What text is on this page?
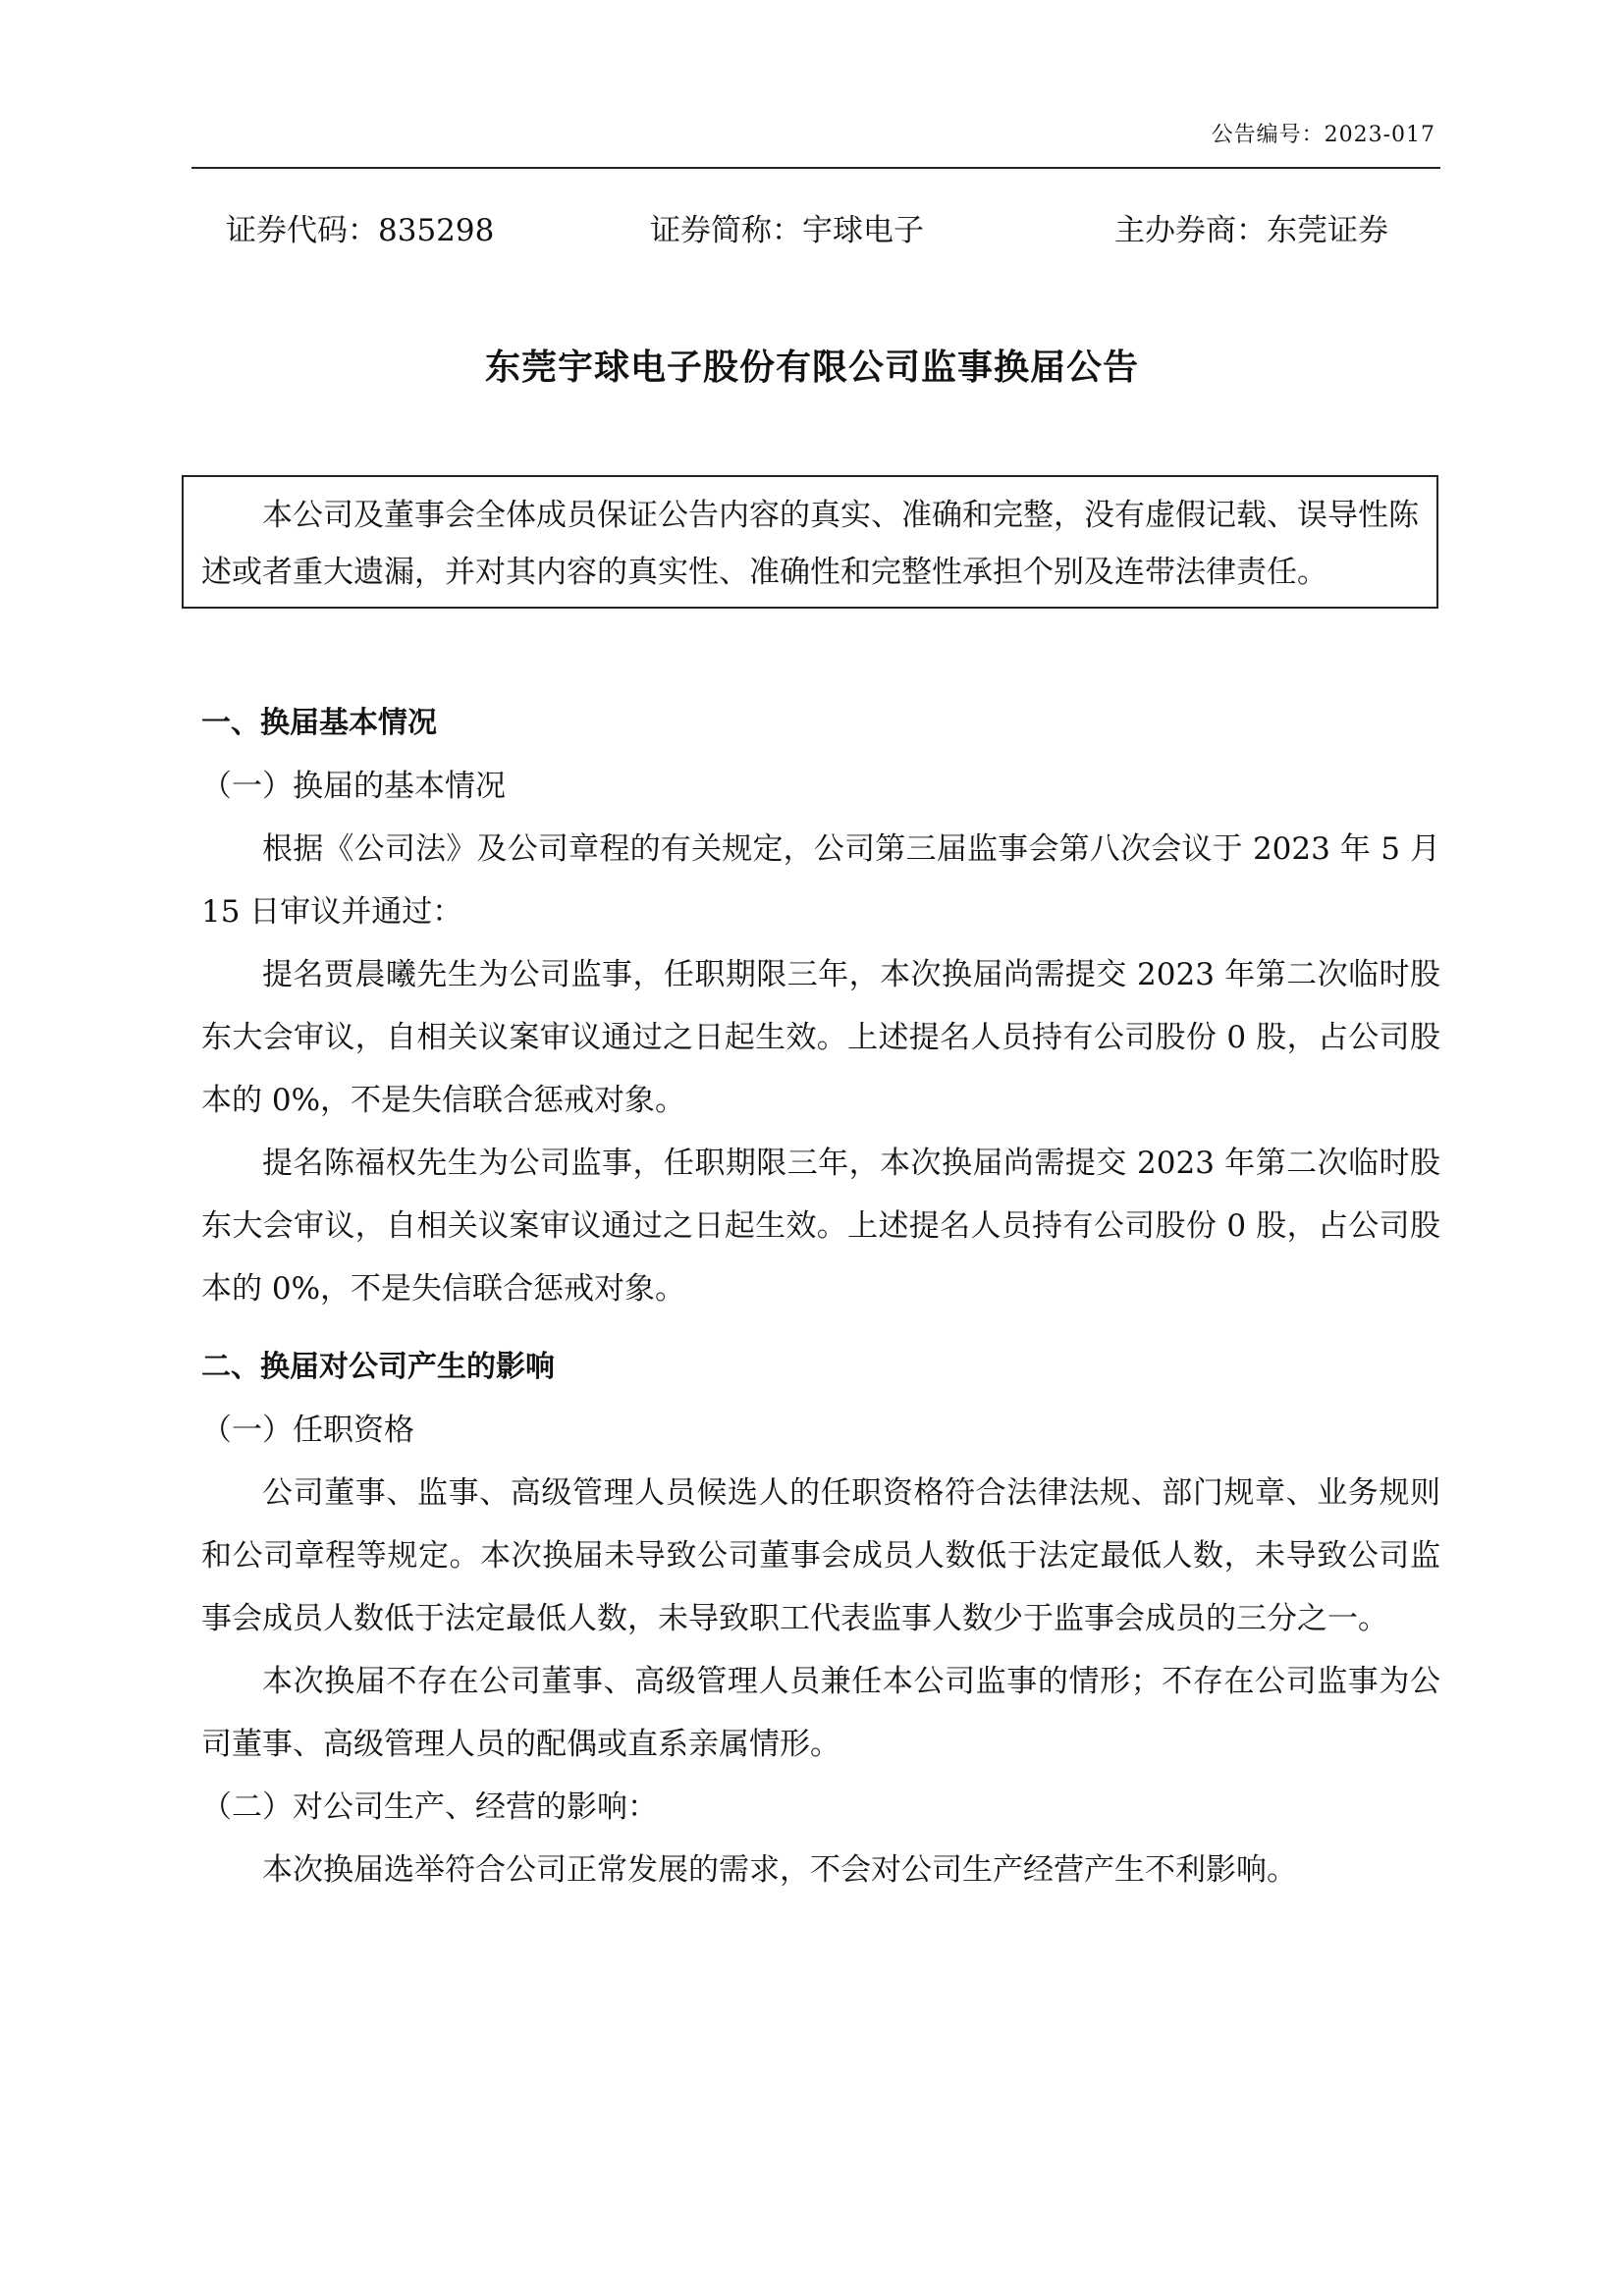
公告编号：2023-017
证券代码：835298	证券简称：宇球电子	主办券商：东莞证券
东莞宇球电子股份有限公司监事换届公告
本公司及董事会全体成员保证公告内容的真实、准确和完整，没有虚假记载、误导性陈述或者重大遗漏，并对其内容的真实性、准确性和完整性承担个别及连带法律责任。

一、换届基本情况

（一）换届的基本情况

根据《公司法》及公司章程的有关规定，公司第三届监事会第八次会议于 2023 年 5 月 15 日审议并通过：

提名贾晨曦先生为公司监事，任职期限三年，本次换届尚需提交 2023 年第二次临时股东大会审议，自相关议案审议通过之日起生效。上述提名人员持有公司股份 0 股，占公司股本的 0%，不是失信联合惩戒对象。

提名陈福权先生为公司监事，任职期限三年，本次换届尚需提交 2023 年第二次临时股东大会审议，自相关议案审议通过之日起生效。上述提名人员持有公司股份 0 股，占公司股本的 0%，不是失信联合惩戒对象。

二、换届对公司产生的影响

（一）任职资格

公司董事、监事、高级管理人员候选人的任职资格符合法律法规、部门规章、业务规则和公司章程等规定。本次换届未导致公司董事会成员人数低于法定最低人数，未导致公司监事会成员人数低于法定最低人数，未导致职工代表监事人数少于监事会成员的三分之一。

本次换届不存在公司董事、高级管理人员兼任本公司监事的情形；不存在公司监事为公司董事、高级管理人员的配偶或直系亲属情形。

（二）对公司生产、经营的影响：

本次换届选举符合公司正常发展的需求，不会对公司生产经营产生不利影响。
